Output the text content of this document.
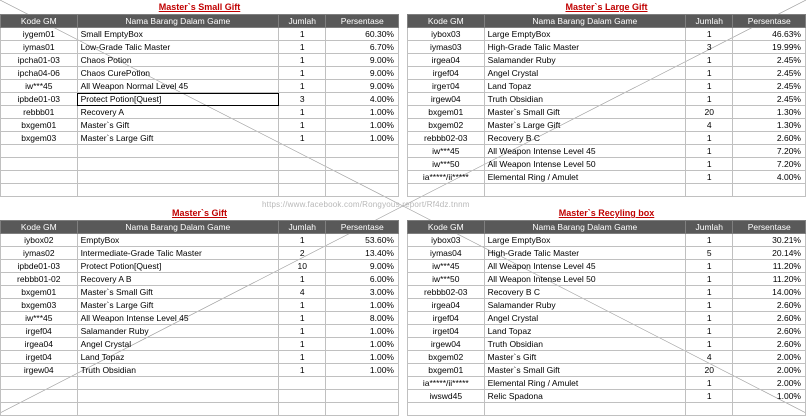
Master`s Small Gift
Kode GM	Nama Barang Dalam Game	Jumlah	Persentase
iygem01	Small EmptyBox	1	60.30%
iymas01	Low-Grade Talic Master	1	6.70%
ipcha01-03	Chaos Potion	1	9.00%
ipcha04-06	Chaos CurePotion	1	9.00%
iw***45	All Weapon Normal Level 45	1	9.00%
ipbde01-03	Protect Potion[Quest]	3	4.00%
rebbb01	Recovery A	1	1.00%
bxgem01	Master`s Gift	1	1.00%
bxgem03	Master`s Large Gift	1	1.00%

Master`s Large Gift
Kode GM	Nama Barang Dalam Game	Jumlah	Persentase
iybox03	Large EmptyBox	1	46.63%
iymas03	High-Grade Talic Master	3	19.99%
irgea04	Salamander Ruby	1	2.45%
irgef04	Angel Crystal	1	2.45%
irgeт04	Land Topaz	1	2.45%
irgew04	Truth Obsidian	1	2.45%
bxgem01	Master`s Small Gift	20	1.30%
bxgem02	Master`s Large Gift	4	1.30%
rebbb02-03	Recovery B C	1	2.60%
iw***45	All Weapon Intense Level 45	1	7.20%
iw***50	All Weapon Intense Level 50	1	7.20%
ia*****/ii*****	Elemental Ring / Amulet	1	4.00%

Master`s Gift
Kode GM	Nama Barang Dalam Game	Jumlah	Persentase
iybox02	EmptyBox	1	53.60%
iymas02	Intermediate-Grade Talic Master	2	13.40%
ipbde01-03	Protect Potion[Quest]	10	9.00%
rebbb01-02	Recovery A B	1	6.00%
bxgem01	Master`s Small Gift	4	3.00%
bxgem03	Master`s Large Gift	1	1.00%
iw***45	All Weapon Intense Level 45	1	8.00%
irgef04	Salamander Ruby	1	1.00%
irgea04	Angel Crystal	1	1.00%
irget04	Land Topaz	1	1.00%
irgew04	Truth Obsidian	1	1.00%

Master`s Recyling box
Kode GM	Nama Barang Dalam Game	Jumlah	Persentase
iybox03	Large EmptyBox	1	30.21%
iymas04	High-Grade Talic Master	5	20.14%
iw***45	All Weapon Intense Level 45	1	11.20%
iw***50	All Weapon Intense Level 50	1	11.20%
rebbb02-03	Recovery B C	1	14.00%
irgea04	Salamander Ruby	1	2.60%
irgef04	Angel Crystal	1	2.60%
irget04	Land Topaz	1	2.60%
irgew04	Truth Obsidian	1	2.60%
bxgem02	Master`s Gift	4	2.00%
bxgem01	Master`s Small Gift	20	2.00%
ia*****/ii*****	Elemental Ring / Amulet	1	2.00%
iwswd45	Relic Spadona	1	1.00%

https://www.facebook.com/Rongyous.report/Rf4dz.tnnm
